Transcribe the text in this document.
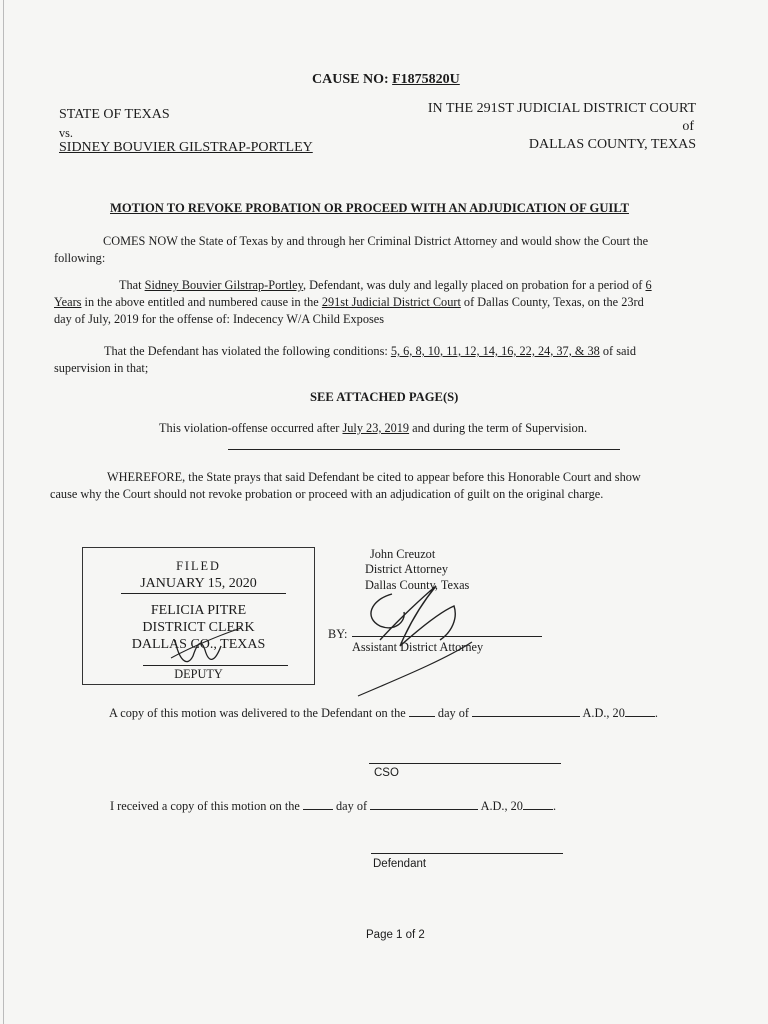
CAUSE NO: F1875820U
STATE OF TEXAS
vs.
SIDNEY BOUVIER GILSTRAP-PORTLEY
IN THE 291ST JUDICIAL DISTRICT COURT
of
DALLAS COUNTY, TEXAS
MOTION TO REVOKE PROBATION OR PROCEED WITH AN ADJUDICATION OF GUILT
COMES NOW the State of Texas by and through her Criminal District Attorney and would show the Court the
following:
That Sidney Bouvier Gilstrap-Portley, Defendant, was duly and legally placed on probation for a period of 6
Years in the above entitled and numbered cause in the 291st Judicial District Court of Dallas County, Texas, on the 23rd
day of July, 2019 for the offense of: Indecency W/A Child Exposes
That the Defendant has violated the following conditions: 5, 6, 8, 10, 11, 12, 14, 16, 22, 24, 37, & 38 of said
supervision in that;
SEE ATTACHED PAGE(S)
This violation-offense occurred after July 23, 2019 and during the term of Supervision.
WHEREFORE, the State prays that said Defendant be cited to appear before this Honorable Court and show
cause why the Court should not revoke probation or proceed with an adjudication of guilt on the original charge.
FILED
JANUARY 15, 2020
FELICIA PITRE
DISTRICT CLERK
DALLAS CO., TEXAS
DEPUTY
John Creuzot
District Attorney
Dallas County, Texas
BY:
Assistant District Attorney
A copy of this motion was delivered to the Defendant on the	day of	A.D., 20 .
CSO
I received a copy of this motion on the	day of	A.D., 20 .
Defendant
Page 1 of 2
